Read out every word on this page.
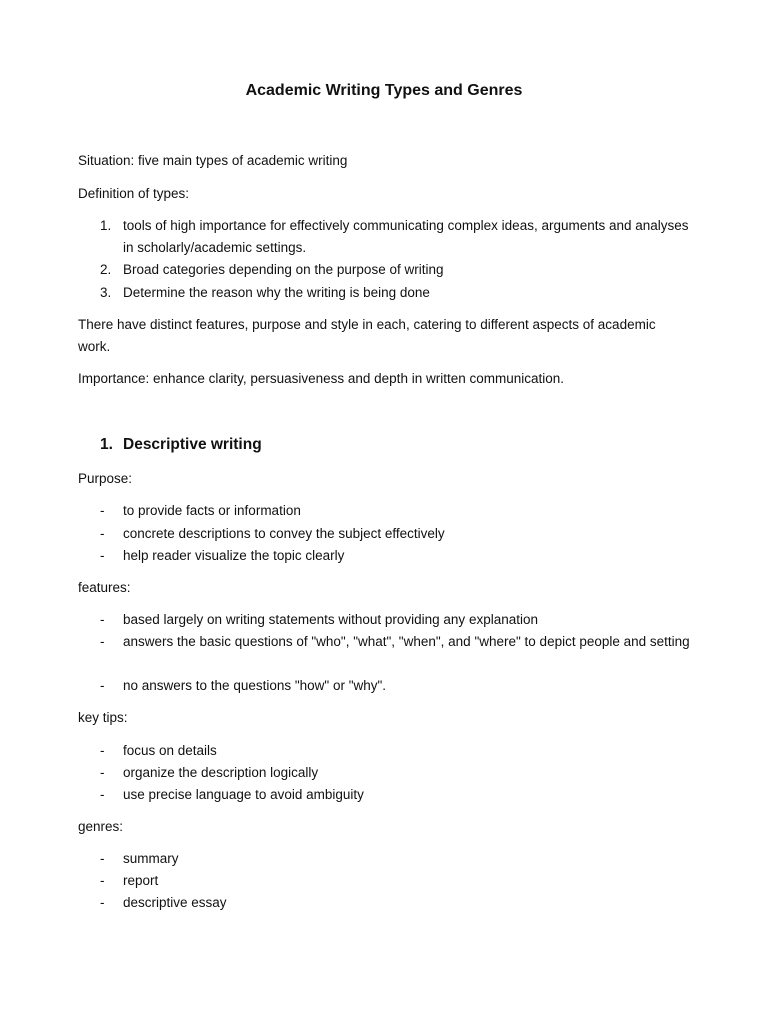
Academic Writing Types and Genres

Situation: five main types of academic writing

Definition of types:

1. tools of high importance for effectively communicating complex ideas, arguments and analyses in scholarly/academic settings.
2. Broad categories depending on the purpose of writing
3. Determine the reason why the writing is being done

There have distinct features, purpose and style in each, catering to different aspects of academic work.

Importance: enhance clarity, persuasiveness and depth in written communication.

1. Descriptive writing

Purpose:

-	to provide facts or information
-	concrete descriptions to convey the subject effectively
-	help reader visualize the topic clearly

features:

-	based largely on writing statements without providing any explanation
-	answers the basic questions of "who", "what", "when", and "where" to depict people and setting
-	no answers to the questions "how" or "why".

key tips:

-	focus on details
-	organize the description logically
-	use precise language to avoid ambiguity

genres:

-	summary
-	report
-	descriptive essay
